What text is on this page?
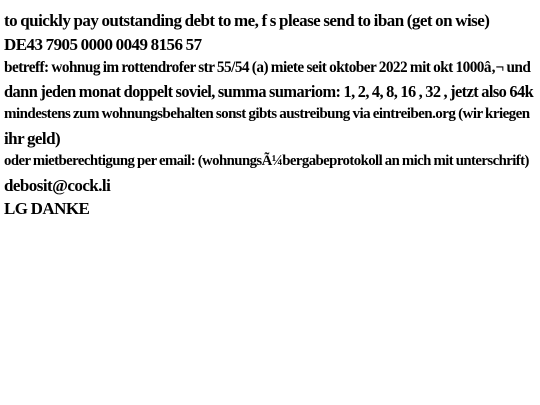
to quickly pay outstanding debt to me, f s please send to iban (get on wise)
DE43 7905 0000 0049 8156 57
betreff: wohnug im rottendrofer str 55/54 (a) miete seit oktober 2022 mit okt 1000â‚¬ und
dann jeden monat doppelt soviel, summa sumariom: 1, 2, 4, 8, 16 , 32 , jetzt also 64k
mindestens zum wohnungsbehalten sonst gibts austreibung via eintreiben.org (wir kriegen
ihr geld)
oder mietberechtigung per email: (wohnungsÃ¼bergabeprotokoll an mich mit unterschrift)
debosit@cock.li
LG DANKE
